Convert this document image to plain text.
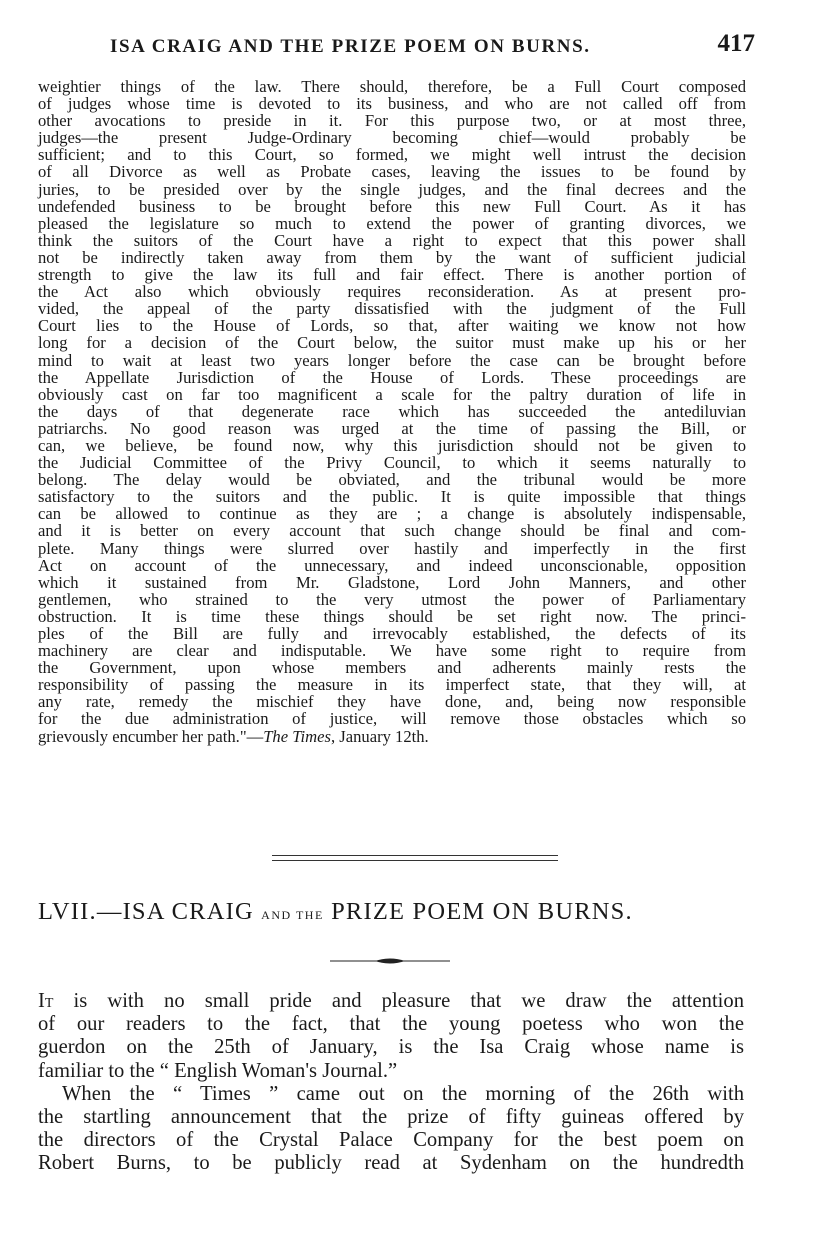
ISA CRAIG AND THE PRIZE POEM ON BURNS.	417
weightier things of the law. There should, therefore, be a Full Court composed
of judges whose time is devoted to its business, and who are not called off from
other avocations to preside in it. For this purpose two, or at most three,
judges—the present Judge-Ordinary becoming chief—would probably be
sufficient; and to this Court, so formed, we might well intrust the decision
of all Divorce as well as Probate cases, leaving the issues to be found by
juries, to be presided over by the single judges, and the final decrees and the
undefended business to be brought before this new Full Court. As it has
pleased the legislature so much to extend the power of granting divorces, we
think the suitors of the Court have a right to expect that this power shall
not be indirectly taken away from them by the want of sufficient judicial
strength to give the law its full and fair effect. There is another portion of
the Act also which obviously requires reconsideration. As at present pro-
vided, the appeal of the party dissatisfied with the judgment of the Full
Court lies to the House of Lords, so that, after waiting we know not how
long for a decision of the Court below, the suitor must make up his or her
mind to wait at least two years longer before the case can be brought before
the Appellate Jurisdiction of the House of Lords. These proceedings are
obviously cast on far too magnificent a scale for the paltry duration of life in
the days of that degenerate race which has succeeded the antediluvian
patriarchs. No good reason was urged at the time of passing the Bill, or
can, we believe, be found now, why this jurisdiction should not be given to
the Judicial Committee of the Privy Council, to which it seems naturally to
belong. The delay would be obviated, and the tribunal would be more
satisfactory to the suitors and the public. It is quite impossible that things
can be allowed to continue as they are ; a change is absolutely indispensable,
and it is better on every account that such change should be final and com-
plete. Many things were slurred over hastily and imperfectly in the first
Act on account of the unnecessary, and indeed unconscionable, opposition
which it sustained from Mr. Gladstone, Lord John Manners, and other
gentlemen, who strained to the very utmost the power of Parliamentary
obstruction. It is time these things should be set right now. The princi-
ples of the Bill are fully and irrevocably established, the defects of its
machinery are clear and indisputable. We have some right to require from
the Government, upon whose members and adherents mainly rests the
responsibility of passing the measure in its imperfect state, that they will, at
any rate, remedy the mischief they have done, and, being now responsible
for the due administration of justice, will remove those obstacles which so
grievously encumber her path."—The Times, January 12th.
LVII.—ISA CRAIG AND THE PRIZE POEM ON BURNS.
It is with no small pride and pleasure that we draw the attention
of our readers to the fact, that the young poetess who won the
guerdon on the 25th of January, is the Isa Craig whose name is
familiar to the “ English Woman's Journal.”
When the “ Times ” came out on the morning of the 26th with
the startling announcement that the prize of fifty guineas offered by
the directors of the Crystal Palace Company for the best poem on
Robert Burns, to be publicly read at Sydenham on the hundredth
